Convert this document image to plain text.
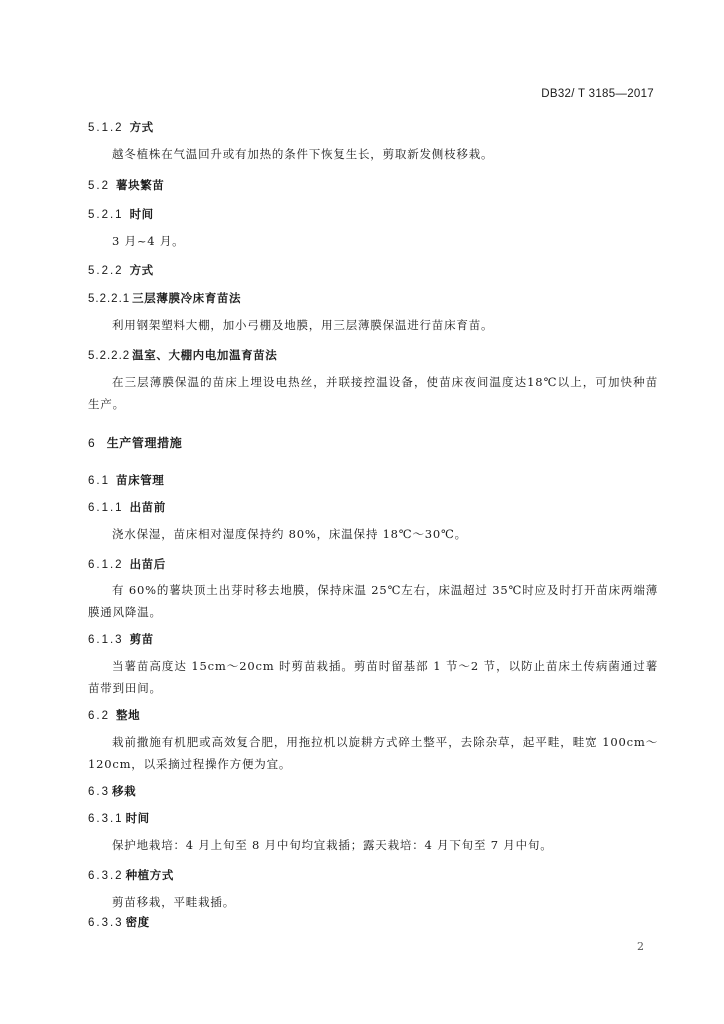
DB32/ T 3185—2017
5.1.2 方式
越冬植株在气温回升或有加热的条件下恢复生长，剪取新发侧枝移栽。
5.2 薯块繁苗
5.2.1 时间
3 月~4 月。
5.2.2 方式
5.2.2.1 三层薄膜冷床育苗法
利用钢架塑料大棚，加小弓棚及地膜，用三层薄膜保温进行苗床育苗。
5.2.2.2 温室、大棚内电加温育苗法
在三层薄膜保温的苗床上埋设电热丝，并联接控温设备，使苗床夜间温度达18℃以上，可加快种苗生产。
6 生产管理措施
6.1 苗床管理
6.1.1 出苗前
浇水保湿，苗床相对湿度保持约 80%，床温保持 18℃～30℃。
6.1.2 出苗后
有 60%的薯块顶土出芽时移去地膜，保持床温 25℃左右，床温超过 35℃时应及时打开苗床两端薄膜通风降温。
6.1.3 剪苗
当薯苗高度达 15cm～20cm 时剪苗栽插。剪苗时留基部 1 节～2 节，以防止苗床土传病菌通过薯苗带到田间。
6.2 整地
栽前撒施有机肥或高效复合肥，用拖拉机以旋耕方式碎土整平，去除杂草，起平畦，畦宽 100cm～120cm，以采摘过程操作方便为宜。
6.3 移栽
6.3.1 时间
保护地栽培：4 月上旬至 8 月中旬均宜栽插；露天栽培：4 月下旬至 7 月中旬。
6.3.2 种植方式
剪苗移栽，平畦栽插。
6.3.3 密度
2
